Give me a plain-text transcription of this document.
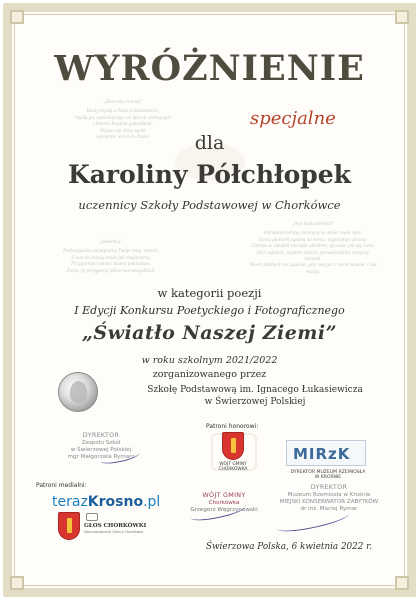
„Rzeczka nocna”
Kiedy myślę o Panu Łukasiewiczu,
myślę go, zapamiętując po lękach siedzących
i Panem Bogiem gwiazdami.
Pojawi się duży ognik
ogromnie wróci do Rzeki.
„Iskierka”
Podkarpackie pamiętamy Twoje imię, ziemio,
Z nas do dzisiaj może już znajdziemy,
Przygarnięci łatwo, nawet pokochani.
Ziemi, ty przygarnij także nas wszystkich.
„Pan Łukasiewicz”
Pamiętam lampę zwiszącą na stole, małe ręce,
Kiedy płomień zgasną na sercu, wyprostuje pieczę.
Ciemno w świątek nocnym obrotem, ojcowie, jak się ciesz,
Dziś wybierz, wybierz ładnie, prowadziliśmy wszyscy ratunek.
Niech płomień nie zgaśnie, gdy nas już z ziemi zawoła, i tak każdy.
WYRÓŻNIENIE
specjalne
dla
Karoliny Półchłopek
uczennicy Szkoły Podstawowej w Chorkówce
w kategorii poezji
I Edycji Konkursu Poetyckiego i Fotograficznego
„Światło Naszej Ziemi”
w roku szkolnym 2021/2022
zorganizowanego przez
Szkołę Podstawową im. Ignacego Łukasiewicza
w Świerzowej Polskiej
Patroni honorowi:
DYREKTOR
Zespołu Szkół
w Świerzowej Polskiej
mgr Małgorzata Rymarz
WÓJT GMINY
CHORKÓWKA
MIRzK
DYREKTOR MUZEUM RZEMIOSŁA
W KROŚNIE
WÓJT GMINY
Chorkówka
Grzegorz Węgrzynowski
DYREKTOR
Muzeum Rzemiosła w Krośnie
MIEJSKI KONSERWATOR ZABYTKÓW
dr inż. Maciej Rymar
Patroni medialni:
terazKrosno.pl
GŁOS CHORKÓWKI
Dwumiesięcznik Gminy Chorkówka
Świerzowa Polska, 6 kwietnia 2022 r.
